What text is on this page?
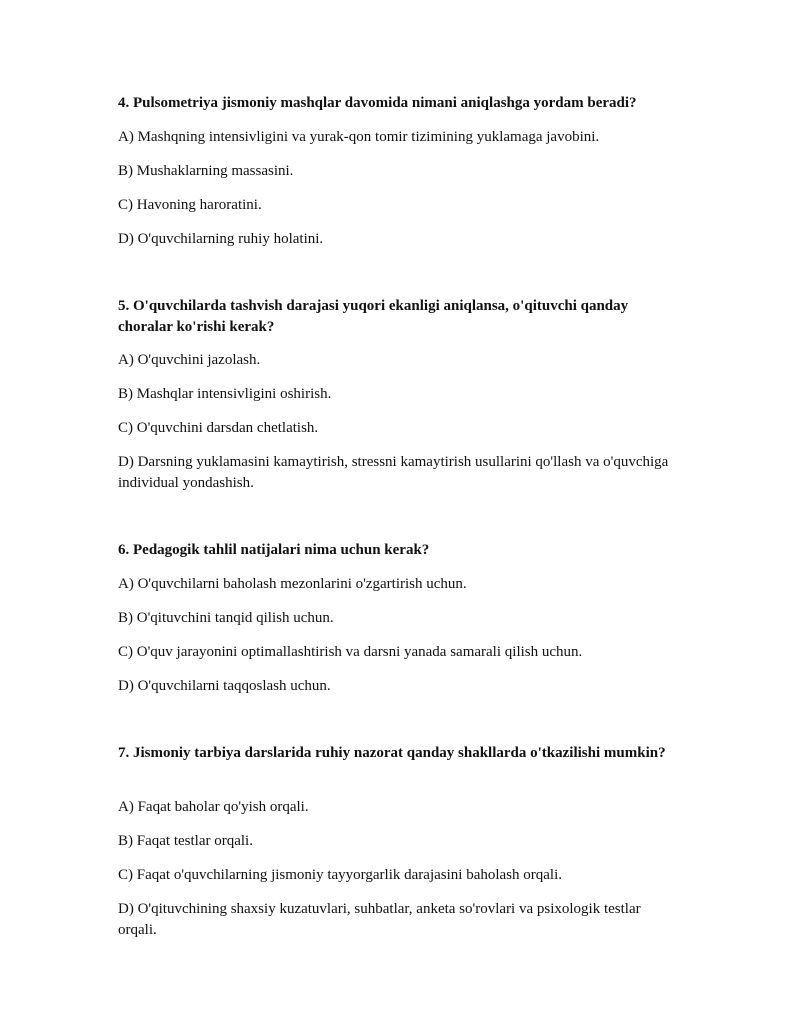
4. Pulsometriya jismoniy mashqlar davomida nimani aniqlashga yordam beradi?

A) Mashqning intensivligini va yurak-qon tomir tizimining yuklamaga javobini.

B) Mushaklarning massasini.

C) Havoning haroratini.

D) O'quvchilarning ruhiy holatini.

5. O'quvchilarda tashvish darajasi yuqori ekanligi aniqlansa, o'qituvchi qanday choralar ko'rishi kerak?

A) O'quvchini jazolash.

B) Mashqlar intensivligini oshirish.

C) O'quvchini darsdan chetlatish.

D) Darsning yuklamasini kamaytirish, stressni kamaytirish usullarini qo'llash va o'quvchiga individual yondashish.

6. Pedagogik tahlil natijalari nima uchun kerak?

A) O'quvchilarni baholash mezonlarini o'zgartirish uchun.

B) O'qituvchini tanqid qilish uchun.

C) O'quv jarayonini optimallashtirish va darsni yanada samarali qilish uchun.

D) O'quvchilarni taqqoslash uchun.

7. Jismoniy tarbiya darslarida ruhiy nazorat qanday shakllarda o'tkazilishi mumkin?

A) Faqat baholar qo'yish orqali.

B) Faqat testlar orqali.

C) Faqat o'quvchilarning jismoniy tayyorgarlik darajasini baholash orqali.

D) O'qituvchining shaxsiy kuzatuvlari, suhbatlar, anketa so'rovlari va psixologik testlar orqali.
